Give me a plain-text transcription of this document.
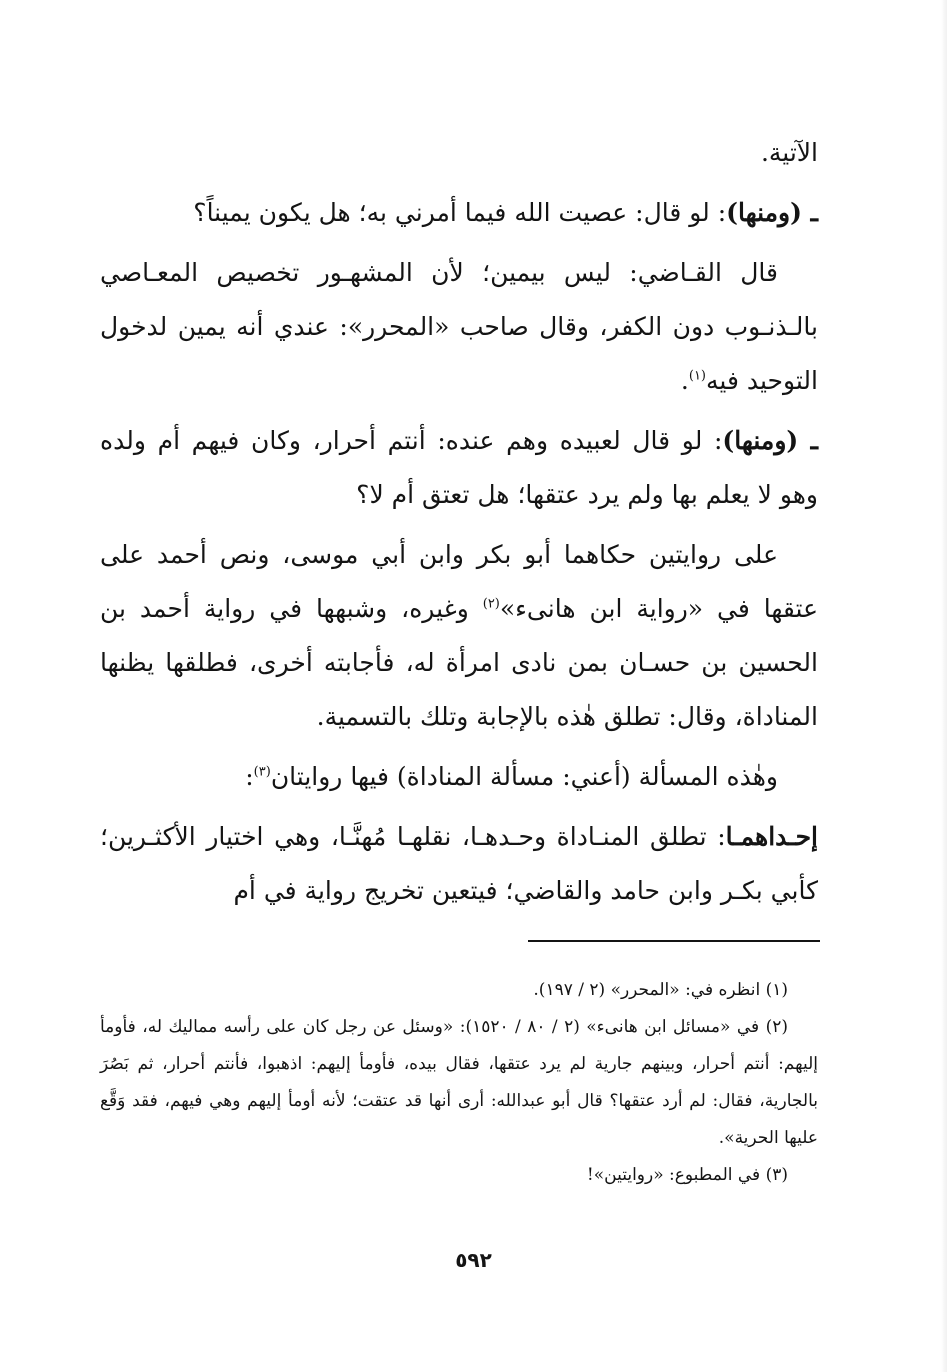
الآتية.

ـ (ومنها): لو قال: عصيت الله فيما أمرني به؛ هل يكون يميناً؟

قال القـاضي: ليس بيمين؛ لأن المشهـور تخصيص المعـاصي بالـذنـوب دون الكفر، وقال صاحب «المحرر»: عندي أنه يمين لدخول التوحيد فيه$^{(١)}$.

ـ (ومنها): لو قال لعبيده وهم عنده: أنتم أحرار، وكان فيهم أم ولده وهو لا يعلم بها ولم يرد عتقها؛ هل تعتق أم لا؟

على روايتين حكاهما أبو بكر وابن أبي موسى، ونص أحمد على عتقها في «رواية ابن هانىء»$^{(٢)}$ وغيره، وشبهها في رواية أحمد بن الحسين بن حسـان بمن نادى امرأة له، فأجابته أخرى، فطلقها يظنها المناداة، وقال: تطلق هٰذه بالإجابة وتلك بالتسمية.

وهٰذه المسألة (أعني: مسألة المناداة) فيها روايتان$^{(٣)}$:

إحـداهمـا: تطلق المنـاداة وحـدهـا، نقلهـا مُهنَّـا، وهي اختيار الأكثـرين؛ كأبي بكـر وابن حامد والقاضي؛ فيتعين تخريج رواية في أم

(١) انظره في: «المحرر» (٢ / ١٩٧).

(٢) في «مسائل ابن هانىء» (٢ / ٨٠ / ١٥٢٠): «وسئل عن رجل كان على رأسه مماليك له، فأومأ إليهم: أنتم أحرار، وبينهم جارية لم يرد عتقها، فقال بيده، فأومأ إليهم: اذهبوا، فأنتم أحرار، ثم بَصُرَ بالجارية، فقال: لم أرد عتقها؟ قال أبو عبدالله: أرى أنها قد عتقت؛ لأنه أومأ إليهم وهي فيهم، فقد وَقَّع عليها الحرية».

(٣) في المطبوع: «روايتين»!

٥٩٢
